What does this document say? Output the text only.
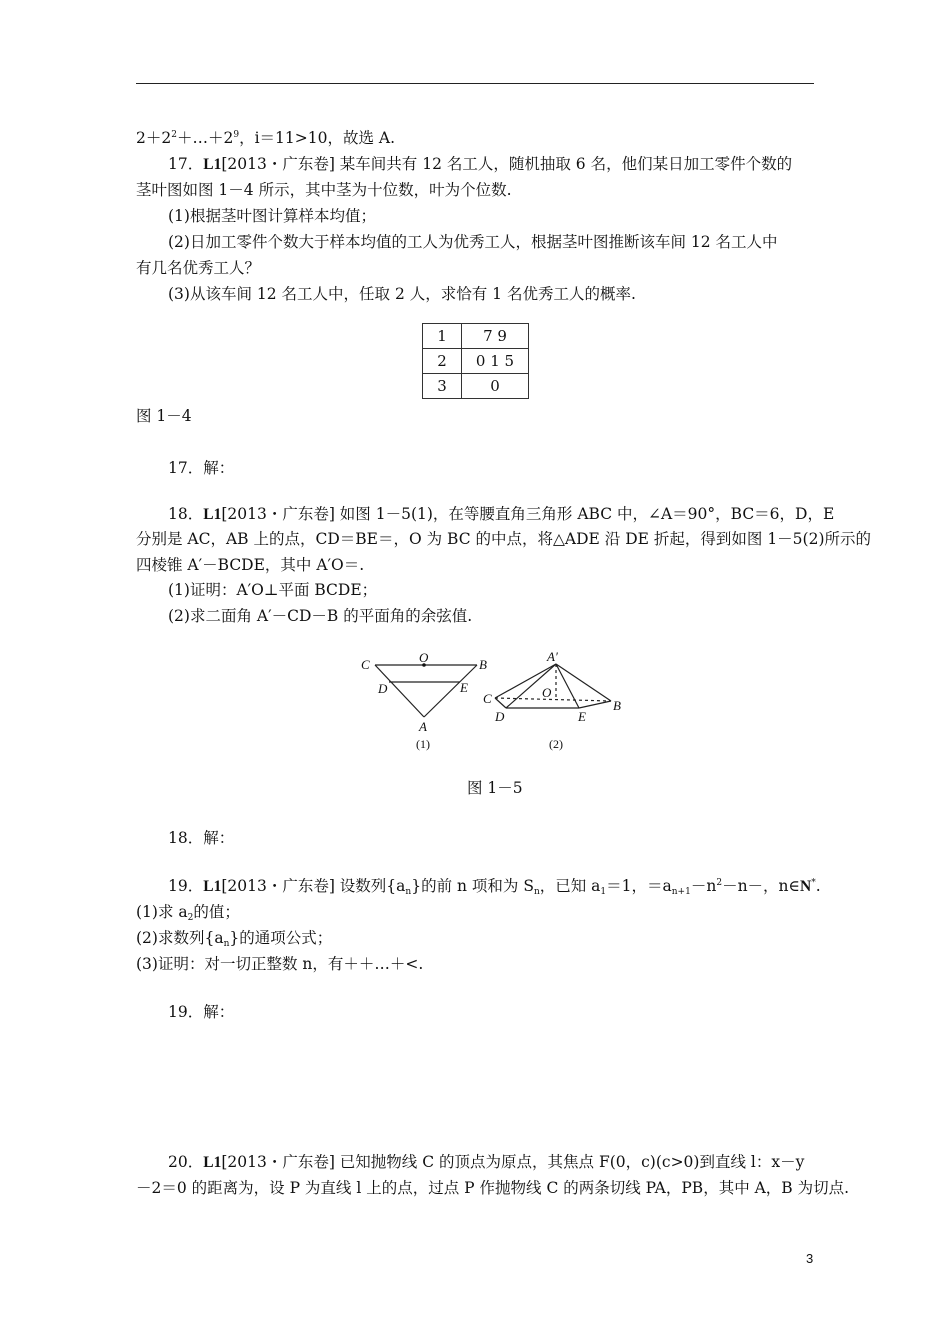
$2+2^2+\dots+2^9$，i＝11>10，故选 A.
17．L1[2013・广东卷] 某车间共有 12 名工人，随机抽取 6 名，他们某日加工零件个数的
茎叶图如图 1－4 所示，其中茎为十位数，叶为个位数.
(1)根据茎叶图计算样本均值；
(2)日加工零件个数大于样本均值的工人为优秀工人，根据茎叶图推断该车间 12 名工人中
有几名优秀工人？
(3)从该车间 12 名工人中，任取 2 人，求恰有 1 名优秀工人的概率.
1	7 9
2	0 1 5
3	0
图 1－4
17．解：
18．L1[2013・广东卷] 如图 1－5(1)，在等腰直角三角形 ABC 中，∠A＝90°，BC＝6，D，E
分别是 AC，AB 上的点，CD＝BE＝，O 为 BC 的中点，将△ADE 沿 DE 折起，得到如图 1－5(2)所示的
四棱锥 A′－BCDE，其中 A′O＝.
(1)证明：A′O⊥平面 BCDE；
(2)求二面角 A′－CD－B 的平面角的余弦值.
C	O	B
D	E
A
(1)
A′
C	O
B
D	E
(2)
图 1－5
18．解：
19．L1[2013・广东卷] 设数列$\{a_n\}$的前 n 项和为 $S_n$，已知 $a_1=1$，$=a_{n+1}-n^2-n-$，n∈N*.
(1)求 $a_2$的值；
(2)求数列$\{a_n\}$的通项公式；
(3)证明：对一切正整数 n，有＋＋…＋<.
19．解：
20．L1[2013・广东卷] 已知抛物线 C 的顶点为原点，其焦点 F(0，c)(c>0)到直线 l：x－y
－2＝0 的距离为，设 P 为直线 l 上的点，过点 P 作抛物线 C 的两条切线 PA，PB，其中 A，B 为切点.
3
